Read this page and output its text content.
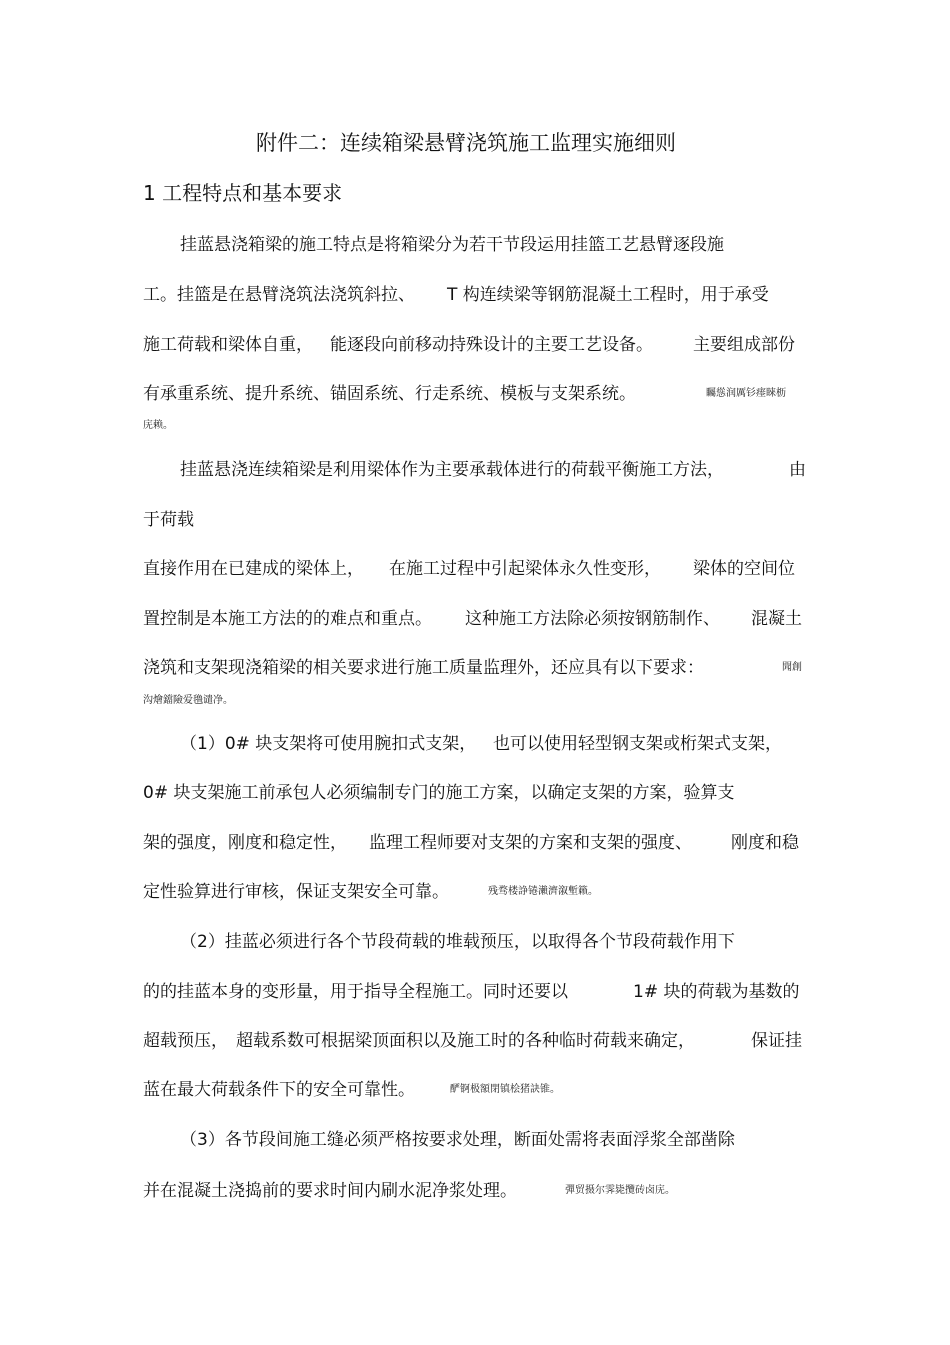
附件二：连续箱梁悬臂浇筑施工监理实施细则
1 工程特点和基本要求
挂蓝悬浇箱梁的施工特点是将箱梁分为若干节段运用挂篮工艺悬臂逐段施
工。挂篮是在悬臂浇筑法浇筑斜拉、 T 构连续梁等钢筋混凝土工程时，用于承受
施工荷载和梁体自重， 能逐段向前移动持殊设计的主要工艺设备。 主要组成部份
有承重系统、提升系统、锚固系统、行走系统、模板与支架系统。	矚慫润厲钐瘗睞枥
庑赖。
挂蓝悬浇连续箱梁是利用梁体作为主要承载体进行的荷载平衡施工方法，	由
于荷载
直接作用在已建成的梁体上， 在施工过程中引起梁体永久性变形， 梁体的空间位
置控制是本施工方法的的难点和重点。 这种施工方法除必须按钢筋制作、 混凝土
浇筑和支架现浇箱梁的相关要求进行施工质量监理外，还应具有以下要求：	聞創
沟燴鐺險爱氇谴净。
（1）0# 块支架将可使用腕扣式支架， 也可以使用轻型钢支架或桁架式支架，
0# 块支架施工前承包人必须编制专门的施工方案，以确定支架的方案，验算支
架的强度，刚度和稳定性， 监理工程师要对支架的方案和支架的强度、 刚度和稳
定性验算进行审核，保证支架安全可靠。	残骛楼諍锩瀨濟溆塹籟。
（2）挂蓝必须进行各个节段荷载的堆载预压，以取得各个节段荷载作用下
的的挂蓝本身的变形量，用于指导全程施工。同时还要以	1# 块的荷载为基数的
超载预压， 超载系数可根据梁顶面积以及施工时的各种临时荷载来确定，	保证挂
蓝在最大荷载条件下的安全可靠性。	酽锕极額閉镇桧猪訣锥。
（3）各节段间施工缝必须严格按要求处理，断面处需将表面浮浆全部凿除
并在混凝土浇捣前的要求时间内刷水泥净浆处理。	彈贸摄尔霁毙攬砖卤庑。
